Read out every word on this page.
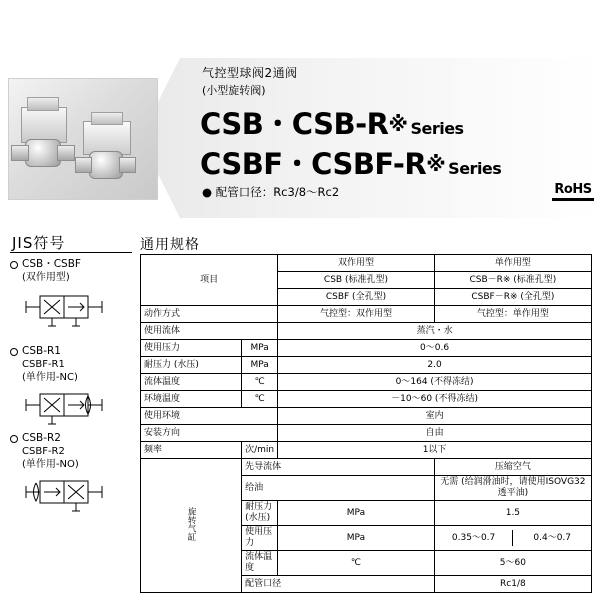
气控型球阀2通阀
(小型旋转阀)
CSB・CSB-R※ Series
CSBF・CSBF-R※ Series
● 配管口径：Rc3/8～Rc2	RoHS
JIS符号
CSB・CSBF
(双作用型)
CSB-R1
CSBF-R1
(单作用-NC)
CSB-R2
CSBF-R2
(单作用-NO)
通用规格
项目	双作用型	单作用型
CSB (标准孔型)	CSB－R※ (标准孔型)
CSBF (全孔型)	CSBF－R※ (全孔型)
动作方式	气控型：双作用型	气控型：单作用型
使用流体	蒸汽・水
使用压力	MPa	0～0.6
耐压力 (水压)	MPa	2.0
流体温度	℃	0～164 (不得冻结)
环境温度	℃	－10～60 (不得冻结)
使用环境	室内
安装方向	自由
频率	次/min	1以下
旋转气缸	先导流体	压缩空气
给油	无需 (给润滑油时，请使用ISOVG32透平油)
耐压力 (水压)	MPa	1.5
使用压力	MPa		0.35～0.7	0.4～0.7

流体温度	℃	5～60
配管口径	Rc1/8
